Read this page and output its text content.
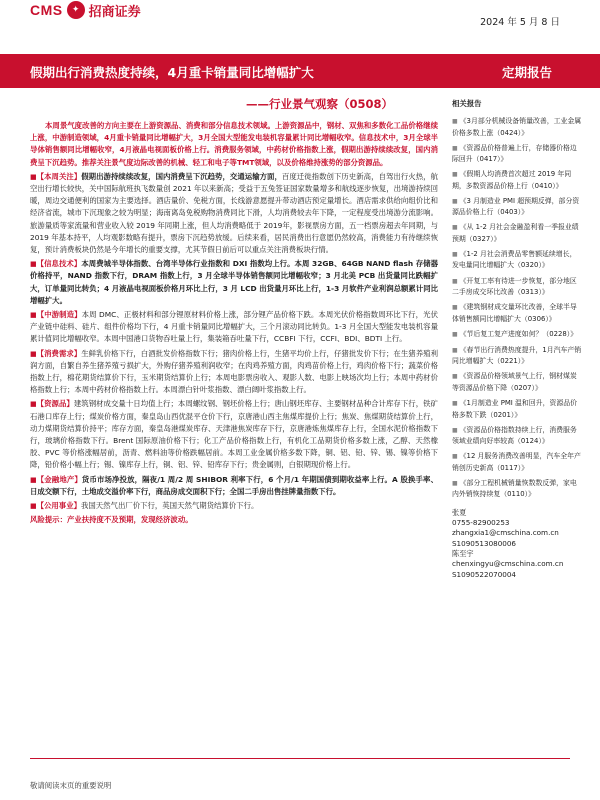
CMS	✦ 招商证券
2024 年 5 月 8 日
假期出行消费热度持续，4月重卡销量同比增幅扩大	定期报告
——行业景气观察（0508）

本周景气度改善的方向主要在上游资源品、消费和部分信息技术领域。上游资源品中，钢材、双焦和多数化工品价格继续上涨，中游制造领域，4月重卡销量同比增幅扩大，3月全国大型能发电装机容量累计同比增幅收窄。信息技术中，3月全球半导体销售额同比增幅收窄，4月液晶电视面板价格上行。消费服务领域，中药材价格指数上涨，假期出游持续续改复，国内消费呈下沉趋势。推荐关注景气度边际改善的机械、轻工和电子等TMT领域，以及价格维持涨势的部分资源品。

■【本周关注】假期出游持续续改复，国内消费呈下沉趋势，交通运输方面，百度迁徙指数创下历史新高，自驾出行火热，航空出行增长较快，关中国际航班执飞数量创 2021 年以来新高；受益于五兔签证国家数量增多和航线逐步恢复，出境游持续回暖，周边交通便利的国家为主要选择。酒店量价、免税方面，长线游意愿提升带动酒店预定量增长。酒店需求供给向组价比和经济省流，城市下沉现象之较为明显；海南离岛免税购物消费同比下滑，人均消费较去年下降，一定程度受出境游分流影响。旅游量质等家流量和营业收入较 2019 年同期上涨，但人均消费略低于 2019年，影视票房方面，五一档票房超去年同期，与 2019 年基本持平，人均观影数略有提升，票房下沉趋势放缓。后续来看，居民消费出行意愿仍然较高，消费能力有待继续恢复，预计消费板块仍然是今年增长的重要支撑，尤其节假日前后可以重点关注消费板块行情。

■【信息技术】本周费城半导体指数、台湾半导体行业指数和 DXI 指数均上行。本周 32GB、64GB NAND flash 存储器价格持平，NAND 指数下行，DRAM 指数上行，3 月全球半导体销售额同比增幅收窄；3 月北美 PCB 出货量同比跌幅扩大，订单量同比转负；4 月液晶电视面板价格月环比上行，3 月 LCD 出货量月环比上行，1-3 月软件产业利润总额累计同比增幅扩大。

■【中游制造】本周 DMC、正极材料和部分锂原材料价格上涨，部分锂产品价格下跌。本周光伏价格指数周环比下行，光伏产业链中硅料、硅片、组件价格均下行，4 月重卡销量同比增幅扩大，三个月滚动同比转负。1-3 月全国大型能发电装机容量累计值同比增幅收窄。本周中国港口货物吞吐量上行，集装箱吞吐量下行，CCBFI 下行，CCFI、BDI、BDTI 上行。

■【消费需求】生鲜乳价格下行，白酒批发价格指数下行；猪肉价格上行，生猪平均价上行，仔猪批发价下行；在生猪养殖利润方面，自繁自养生猪养殖亏损扩大，外购仔猪养殖利润收窄；在肉鸡养殖方面，肉鸡苗价格上行，鸡肉价格下行；蔬菜价格指数上行，棉花期货结算价下行，玉米期货结算价上行；本周电影票房收入、观影人数、电影上映场次均上行；本周中药材价格指数上行；本周中药材价格指数上行。本周漂白针叶浆指数、漂白阔叶浆指数上行。

■【资源品】建筑钢材成交量十日均值上行；本周螺纹钢、钢坯价格上行；唐山钢坯库存、主要钢材品种合计库存下行，铁矿石港口库存上行；煤炭价格方面，秦皇岛山西优混平仓价下行，京唐港山西主焦煤库提价上行；焦炭、焦煤期货结算价上行，动力煤期货结算价持平；库存方面，秦皇岛港煤炭库存、天津港焦炭库存下行，京唐港炼焦煤库存上行，全国水泥价格指数下行，玻璃价格指数下行。Brent 国际原油价格下行；化工产品价格指数上行，有机化工品期货价格多数上涨，乙醇、天然橡胶、PVC 等价格涨幅居前，沥青、燃料油等价格跌幅居前。本周工业金属价格多数下降，铜、铝、铅、锌、锡、镍等价格下降，铅价格小幅上行；锡、镍库存上行，铜、铝、锌、铅库存下行；贵金属则，白银期现价格上行。

■【金融地产】货币市场净投放，隔夜/1 周/2 周 SHIBOR 利率下行，6 个月/1 年期国债到期收益率上行。A 股换手率、日成交额下行，土地成交溢价率下行，商品房成交面积下行；全国二手房出售挂牌量指数下行。

■【公用事业】我国天然气出厂价下行，英国天然气期货结算价下行。

风险提示：产业扶持度不及预期，发现经济波动。

相关报告
■ 《3月部分机械设备销量改善，工业金属价格多数上涨（0424）》
■ 《资源品价格普遍上行，存储器价格边际回升（0417）》
■ 《假期人均消费首次超过 2019 年同期，多数资源品价格上行（0410）》
■ 《3 月制造业 PMI 超预期反弹，部分资源品价格上行（0403）》
■ 《从 1-2 月社会金融盈利看一季报业绩预期（0327）》
■ 《1-2 月社会消费品零售额延续增长，发电量同比增幅扩大（0320）》
■ 《开复工率有待进一步恢复，部分地区二手房成交环比改善（0313）》
■ 《建筑钢材成交量环比改善，全球半导体销售额同比增幅扩大（0306）》
■ 《节后复工复产进度如何？（0228）》
■ 《春节出行消费热度提升，1月汽车产销同比增幅扩大（0221）》
■ 《资源品价格领域景气上行，钢材煤炭等资源品价格下降（0207）》
■ 《1月制造业 PMI 温和回升，资源品价格多数下跌（0201）》
■ 《资源品价格指数持续上行，消费服务领域业绩向好率较高（0124）》
■ 《12 月服务消费改善明显，汽车全年产销创历史新高（0117）》
■ 《部分工程机械销量恢数数反弹，家电内外销恢持续复（0110）》
张夏
0755-82900253
zhangxia1@cmschina.com.cn
S1090513080006
陈至宇
chenxingyu@cmschina.com.cn
S1090522070004
敬请阅读末页的重要说明
